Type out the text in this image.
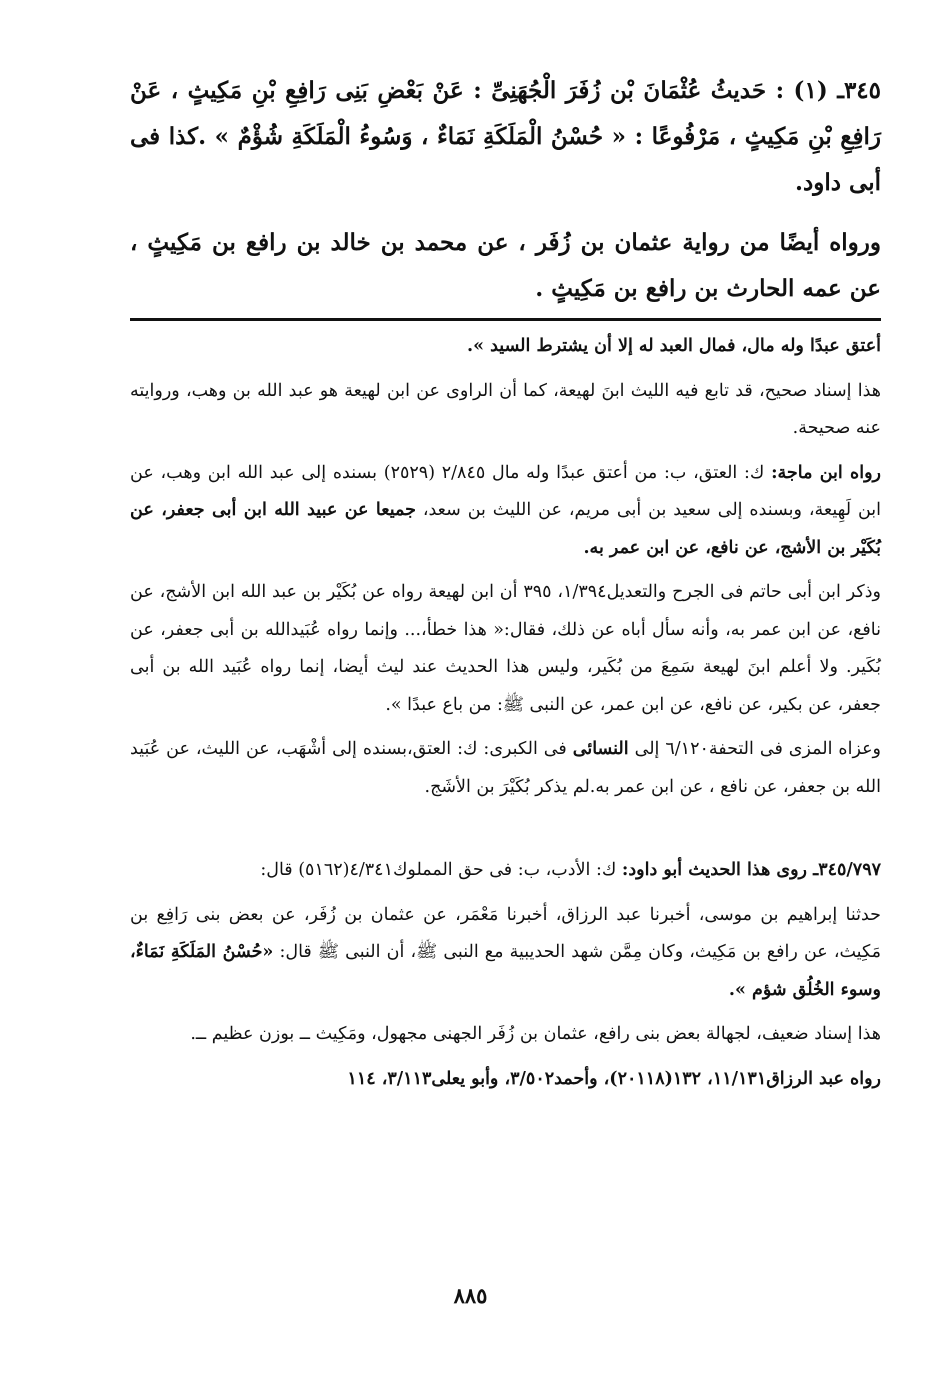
٣٤٥ـ (١) : حَديثُ عُثْمَانَ بْن زُفَرَ الْجُهَنِىِّ : عَنْ بَعْضِ بَنِى رَافِعِ بْنِ مَكِيثٍ ، عَنْ رَافِعِ بْنِ مَكِيثٍ ، مَرْفُوعًا : « حُسْنُ الْمَلَكَةِ نَمَاءٌ ، وَسُوءُ الْمَلَكَةِ شُؤْمٌ » .كذا فى أبى داود.

ورواه أيضًا من رواية عثمان بن زُفَر ، عن محمد بن خالد بن رافع بن مَكِيثٍ ، عن عمه الحارث بن رافع بن مَكِيثٍ .

أعتق عبدًا وله مال، فمال العبد له إلا أن يشترط السيد ».

هذا إسناد صحيح، قد تابع فيه الليث ابنَ لهيعة، كما أن الراوى عن ابن لهيعة هو عبد الله بن وهب، وروايته عنه صحيحة.

رواه ابن ماجة: ك: العتق، ب: من أعتق عبدًا وله مال ٢/٨٤٥ (٢٥٢٩) بسنده إلى عبد الله ابن وهب، عن ابن لَهِيعة، وبسنده إلى سعيد بن أبى مريم، عن الليث بن سعد، جميعا عن عبيد الله ابن أبى جعفر، عن بُكَيْر بن الأشج، عن نافع، عن ابن عمر به.

وذكر ابن أبى حاتم فى الجرح والتعديل١/٣٩٤، ٣٩٥ أن ابن لهيعة رواه عن بُكَيْر بن عبد الله ابن الأشج، عن نافع، عن ابن عمر به، وأنه سأل أباه عن ذلك، فقال:« هذا خطأ،... وإنما رواه عُبَيدالله بن أبى جعفر، عن بُكَير. ولا أعلم ابنَ لهيعة سَمِعَ من بُكَير، وليس هذا الحديث عند ليث أيضا، إنما رواه عُبَيد الله بن أبى جعفر، عن بكير، عن نافع، عن ابن عمر، عن النبى ﷺ: من باع عبدًا ».

وعزاه المزى فى التحفة٦/١٢٠ إلى النسائى فى الكبرى: ك: العتق،بسنده إلى أشْهَب، عن الليث، عن عُبَيد الله بن جعفر، عن نافع ، عن ابن عمر به.لم يذكر بُكَيْرَ بن الأشَج.

٣٤٥/٧٩٧ـ روى هذا الحديث أبو داود: ك: الأدب، ب: فى حق المملوك٤/٣٤١(٥١٦٢) قال:

حدثنا إبراهيم بن موسى، أخبرنا عبد الرزاق، أخبرنا مَعْمَر، عن عثمان بن زُفَر، عن بعض بنى رَافِع بن مَكِيث، عن رافع بن مَكِيث، وكان مِمَّن شهد الحديبية مع النبى ﷺ، أن النبى ﷺ قال: «حُسْنُ المَلَكَةِ نَمَاءٌ، وسوء الخُلُق شؤم ».

هذا إسناد ضعيف، لجهالة بعض بنى رافع، عثمان بن زُفَر الجهنى مجهول، ومَكِيث ــ بوزن عظيم ــ.

رواه عبد الرزاق١١/١٣١، ١٣٢(٢٠١١٨)، وأحمد٣/٥٠٢، وأبو يعلى٣/١١٣، ١١٤

٨٨٥
